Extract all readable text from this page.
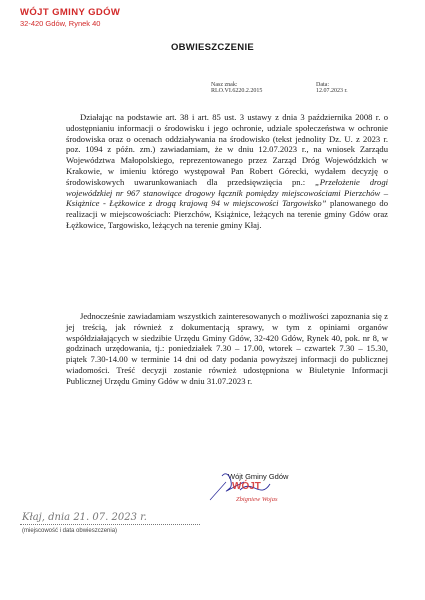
WÓJT GMINY GDÓW
32-420 Gdów, Rynek 40
OBWIESZCZENIE
Nasz znak:
RLO.VI.6220.2.2015
Data:
12.07.2023 r.

Działając na podstawie art. 38 i art. 85 ust. 3 ustawy z dnia 3 października 2008 r. o udostępnianiu informacji o środowisku i jego ochronie, udziale społeczeństwa w ochronie środowiska oraz o ocenach oddziaływania na środowisko (tekst jednolity Dz. U. z 2023 r. poz. 1094 z późn. zm.) zawiadamiam, że w dniu 12.07.2023 r., na wniosek Zarządu Województwa Małopolskiego, reprezentowanego przez Zarząd Dróg Wojewódzkich w Krakowie, w imieniu którego występował Pan Robert Górecki, wydałem decyzję o środowiskowych uwarunkowaniach dla przedsięwzięcia pn.: „Przełożenie drogi wojewódzkiej nr 967 stanowiące drogowy łącznik pomiędzy miejscowościami Pierzchów – Książnice - Łężkowice z drogą krajową 94 w miejscowości Targowisko” planowanego do realizacji w miejscowościach: Pierzchów, Książnice, leżących na terenie gminy Gdów oraz Łężkowice, Targowisko, leżących na terenie gminy Kłaj.

Jednocześnie zawiadamiam wszystkich zainteresowanych o możliwości zapoznania się z jej treścią, jak również z dokumentacją sprawy, w tym z opiniami organów współdziałających w siedzibie Urzędu Gminy Gdów, 32-420 Gdów, Rynek 40, pok. nr 8, w godzinach urzędowania, tj.: poniedziałek 7.30 – 17.00, wtorek – czwartek 7.30 – 15.30, piątek 7.30-14.00 w terminie 14 dni od daty podania powyższej informacji do publicznej wiadomości. Treść decyzji zostanie również udostępniona w Biuletynie Informacji Publicznej Urzędu Gminy Gdów w dniu 31.07.2023 r.

Wójt Gminy Gdów
WÓJT
Zbigniew Wojas
Kłaj, dnia 21. 07. 2023 r.
(miejscowość i data obwieszczenia)
